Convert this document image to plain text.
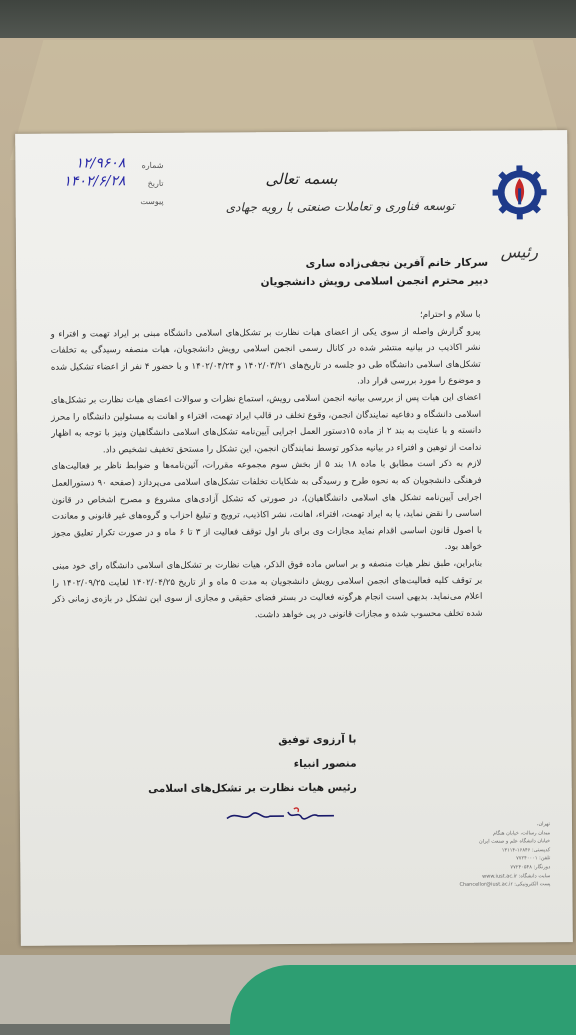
شماره
۱۲/۹۶۰۸
تاریخ
۱۴۰۲/۶/۲۸
پیوست
بسمه تعالی
توسعه فناوری و تعاملات صنعتی با رویه جهادی
رئیس
سرکار خانم آفرین نجفی‌زاده ساری
دبیر محترم انجمن اسلامی رویش دانشجویان

با سلام و احترام؛

پیرو گزارش واصله از سوی یکی از اعضای هیات نظارت بر تشکل‌های اسلامی دانشگاه مبنی بر ایراد تهمت و افتراء و نشر اکاذیب در بیانیه منتشر شده در کانال رسمی انجمن اسلامی رویش دانشجویان، هیات منصفه رسیدگی به تخلفات تشکل‌های اسلامی دانشگاه طی دو جلسه در تاریخ‌های ۱۴۰۲/۰۳/۲۱ و ۱۴۰۲/۰۴/۲۴ و با حضور ۴ نفر از اعضاء تشکیل شده و موضوع را مورد بررسی قرار داد.

اعضای این هیات پس از بررسی بیانیه انجمن اسلامی رویش، استماع نظرات و سوالات اعضای هیات نظارت بر تشکل‌های اسلامی دانشگاه و دفاعیه نمایندگان انجمن، وقوع تخلف در قالب ایراد تهمت، افتراء و اهانت به مسئولین دانشگاه را محرز دانسته و با عنایت به بند ۲ از ماده ۱۵دستور العمل اجرایی آیین‌نامه تشکل‌های اسلامی دانشگاهیان ونیز با توجه به اظهار ندامت از توهین و افتراء در بیانیه مذکور توسط نمایندگان انجمن، این تشکل را مستحق تخفیف تشخیص داد.

لازم به ذکر است مطابق با ماده ۱۸ بند ۵ از بخش سوم مجموعه مقررات، آئین‌نامه‌ها و ضوابط ناظر بر فعالیت‌های فرهنگی دانشجویان که به نحوه طرح و رسیدگی به شکایات تخلفات تشکل‌های اسلامی می‌پردازد (صفحه ۹۰ دستورالعمل اجرایی آیین‌نامه تشکل های اسلامی دانشگاهیان)، در صورتی که تشکل آزادی‌های مشروع و مصرح اشخاص در قانون اساسی را نقض نماید، یا به ایراد تهمت، افتراء، اهانت، نشر اکاذیب، ترویج و تبلیغ احزاب و گروه‌های غیر قانونی و معاندت با اصول قانون اساسی اقدام نماید مجازات وی برای بار اول توقف فعالیت از ۳ تا ۶ ماه و در صورت تکرار تعلیق مجوز خواهد بود.

بنابراین، طبق نظر هیات منصفه و بر اساس ماده فوق الذکر، هیات نظارت بر تشکل‌های اسلامی دانشگاه رای خود مبنی بر توقف کلیه فعالیت‌های انجمن اسلامی رویش دانشجویان به مدت ۵ ماه و از تاریخ ۱۴۰۲/۰۴/۲۵ لغایت ۱۴۰۲/۰۹/۲۵ را اعلام می‌نماید. بدیهی است انجام هرگونه فعالیت در بستر فضای حقیقی و مجازی از سوی این تشکل در بازه‌ی زمانی ذکر شده تخلف محسوب شده و مجازات قانونی در پی خواهد داشت.

با آرزوی توفیق
منصور انبیاء
رئیس هیات نظارت بر تشکل‌های اسلامی
تهران،
میدان رسالت، خیابان هنگام
خیابان دانشگاه علم و صنعت ایران
کدپستی: ۱۶۸۴۶-۱۳۱۱۴
تلفن: ۷۷۲۴۰۰۰۱
دورنگار: ۷۷۲۴۰۵۴۸
سایت دانشگاه: www.iust.ac.ir
پست الکترونیکی: Chancellor@iust.ac.ir
